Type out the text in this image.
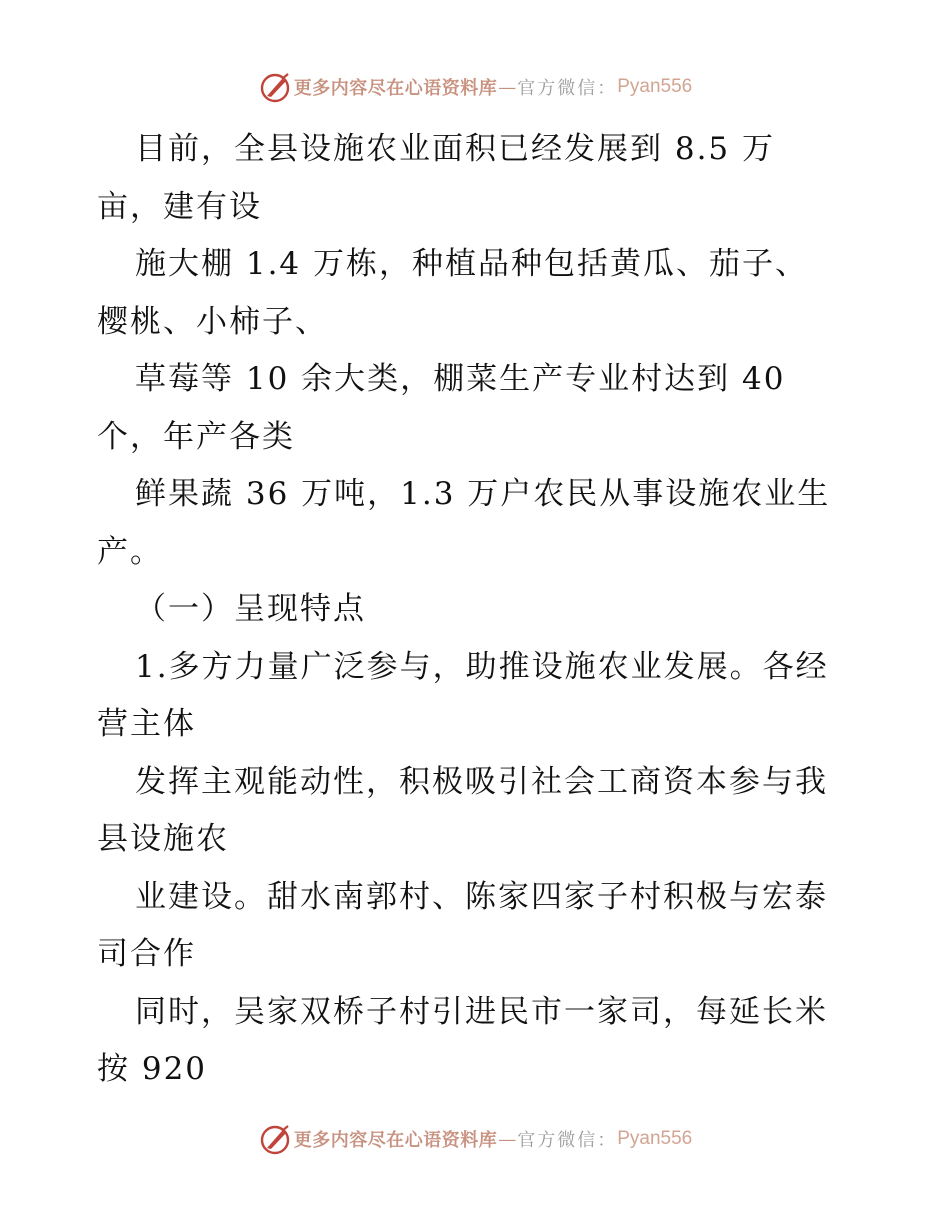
更多内容尽在心语资料库 — 官方微信： Pyan556
目前，全县设施农业面积已经发展到 8.5 万
亩，建有设
施大棚 1.4 万栋，种植品种包括黄瓜、茄子、
樱桃、小柿子、
草莓等 10 余大类，棚菜生产专业村达到 40
个，年产各类
鲜果蔬 36 万吨，1.3 万户农民从事设施农业生
产。
（一）呈现特点
1.多方力量广泛参与，助推设施农业发展。各经
营主体
发挥主观能动性，积极吸引社会工商资本参与我
县设施农
业建设。甜水南郭村、陈家四家子村积极与宏泰
司合作
同时，吴家双桥子村引进民市一家司，每延长米
按 920
更多内容尽在心语资料库 — 官方微信： Pyan556
